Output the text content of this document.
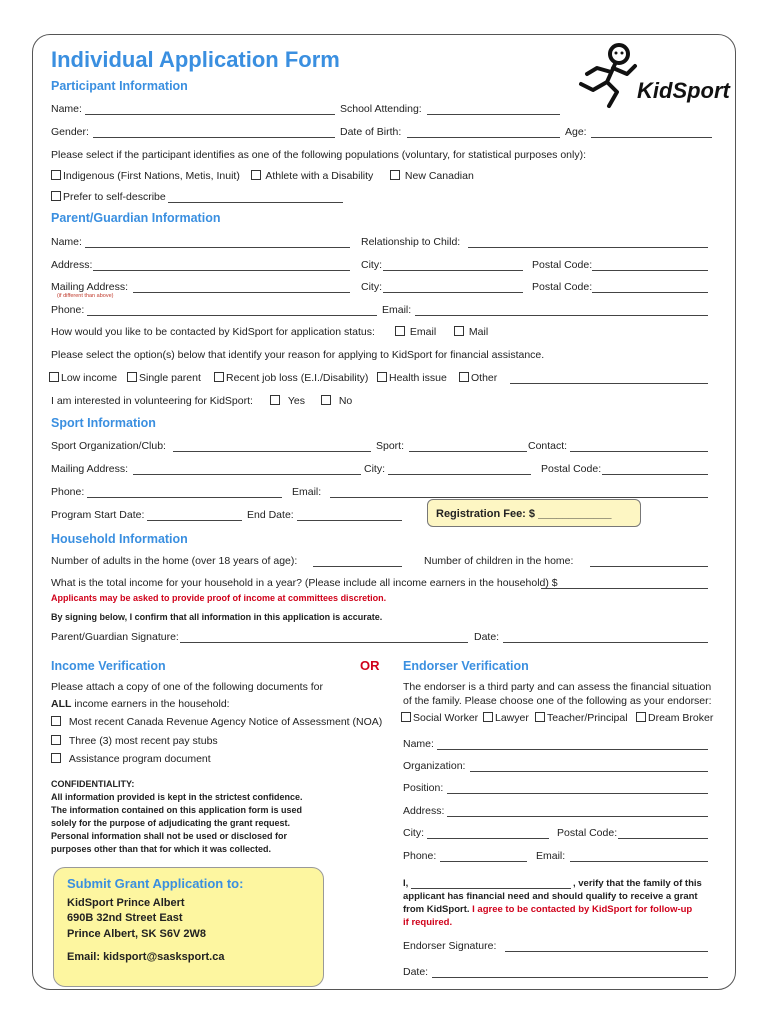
Individual Application Form
KidSport
Participant Information
Name:	School Attending:
Gender:	Date of Birth:	Age:
Please select if the participant identifies as one of the following populations (voluntary, for statistical purposes only):
Indigenous (First Nations, Metis, Inuit)	Athlete with a Disability	New Canadian
Prefer to self-describe
Parent/Guardian Information
Name:	Relationship to Child:
Address:	City:	Postal Code:
Mailing Address:
(if different than above)
City:	Postal Code:
Phone:	Email:
How would you like to be contacted by KidSport for application status:	Email	Mail
Please select the option(s) below that identify your reason for applying to KidSport for financial assistance.
Low income	Single parent	Recent job loss (E.I./Disability)	Health issue	Other
I am interested in volunteering for KidSport:	Yes	No
Sport Information
Sport Organization/Club:	Sport:	Contact:
Mailing Address:	City:	Postal Code:
Phone:	Email:
Program Start Date:	End Date:	Registration Fee: $ ____________
Household Information
Number of adults in the home (over 18 years of age):	Number of children in the home:
What is the total income for your household in a year? (Please include all income earners in the household) $
Applicants may be asked to provide proof of income at committees discretion.
By signing below, I confirm that all information in this application is accurate.
Parent/Guardian Signature:	Date:
Income Verification	OR
Please attach a copy of one of the following documents for
ALL income earners in the household:
Most recent Canada Revenue Agency Notice of Assessment (NOA)
Three (3) most recent pay stubs
Assistance program document
CONFIDENTIALITY:
All information provided is kept in the strictest confidence.
The information contained on this application form is used
solely for the purpose of adjudicating the grant request.
Personal information shall not be used or disclosed for
purposes other than that for which it was collected.
Submit Grant Application to:
KidSport Prince Albert
690B 32nd Street East
Prince Albert, SK S6V 2W8
Email: kidsport@sasksport.ca
Endorser Verification
The endorser is a third party and can assess the financial situation
of the family. Please choose one of the following as your endorser:
Social Worker	Lawyer	Teacher/Principal	Dream Broker
Name:
Organization:
Position:
Address:
City:	Postal Code:
Phone:	Email:
I,	, verify that the family of this
applicant has financial need and should qualify to receive a grant
from KidSport. I agree to be contacted by KidSport for follow-up
if required.
Endorser Signature:
Date:
